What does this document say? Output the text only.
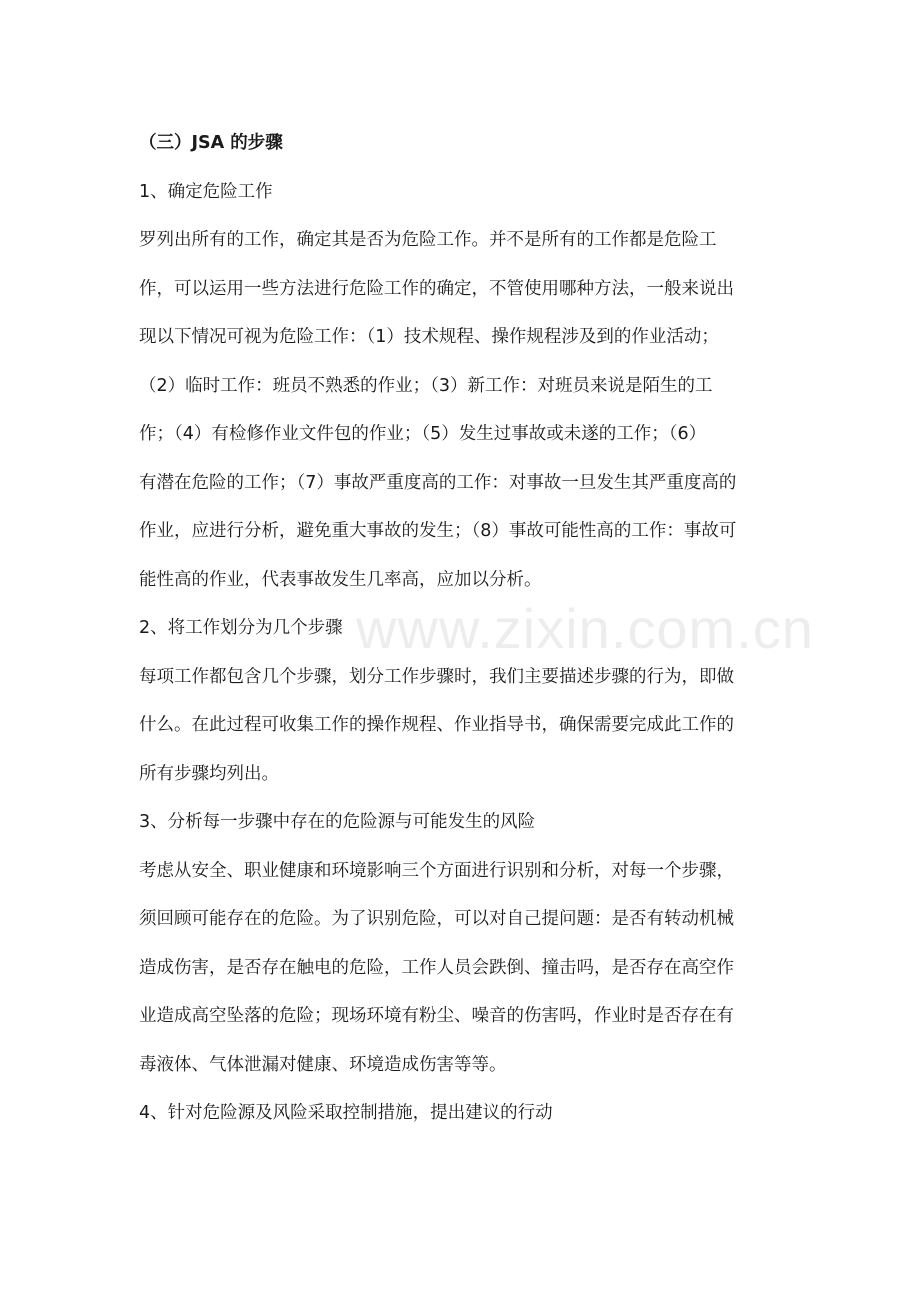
www.zixin.com.cn
（三）JSA 的步骤
1、确定危险工作
罗列出所有的工作，确定其是否为危险工作。并不是所有的工作都是危险工
作，可以运用一些方法进行危险工作的确定，不管使用哪种方法，一般来说出
现以下情况可视为危险工作：（1）技术规程、操作规程涉及到的作业活动；
（2）临时工作：班员不熟悉的作业；（3）新工作：对班员来说是陌生的工
作；（4）有检修作业文件包的作业；（5）发生过事故或未遂的工作；（6）
有潜在危险的工作；（7）事故严重度高的工作：对事故一旦发生其严重度高的
作业，应进行分析，避免重大事故的发生；（8）事故可能性高的工作：事故可
能性高的作业，代表事故发生几率高，应加以分析。
2、将工作划分为几个步骤
每项工作都包含几个步骤，划分工作步骤时，我们主要描述步骤的行为，即做
什么。在此过程可收集工作的操作规程、作业指导书，确保需要完成此工作的
所有步骤均列出。
3、分析每一步骤中存在的危险源与可能发生的风险
考虑从安全、职业健康和环境影响三个方面进行识别和分析，对每一个步骤，
须回顾可能存在的危险。为了识别危险，可以对自己提问题：是否有转动机械
造成伤害，是否存在触电的危险，工作人员会跌倒、撞击吗，是否存在高空作
业造成高空坠落的危险；现场环境有粉尘、噪音的伤害吗，作业时是否存在有
毒液体、气体泄漏对健康、环境造成伤害等等。
4、针对危险源及风险采取控制措施，提出建议的行动
